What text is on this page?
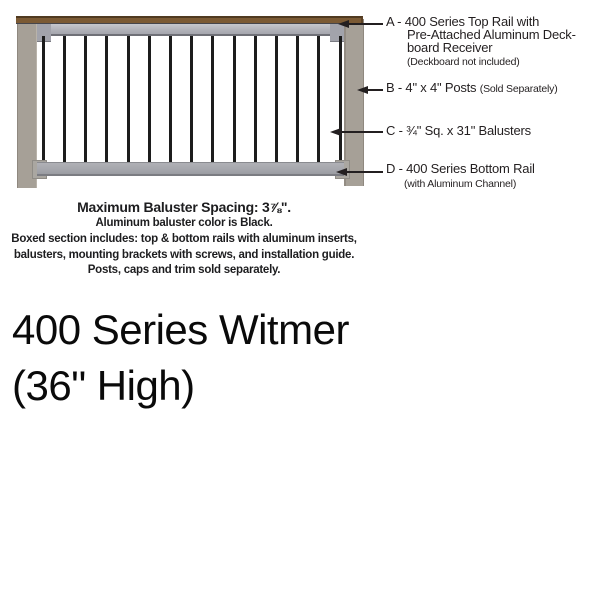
A - 400 Series Top Rail with
Pre-Attached Aluminum Deck-
board Receiver
(Deckboard not included)
B - 4" x 4" Posts (Sold Separately)
C - ¾" Sq. x 31" Balusters
D - 400 Series Bottom Rail
(with Aluminum Channel)
Maximum Baluster Spacing: 3⅞".
Aluminum baluster color is Black.
Boxed section includes: top & bottom rails with aluminum inserts,
balusters, mounting brackets with screws, and installation guide.
Posts, caps and trim sold separately.
400 Series Witmer
(36" High)
